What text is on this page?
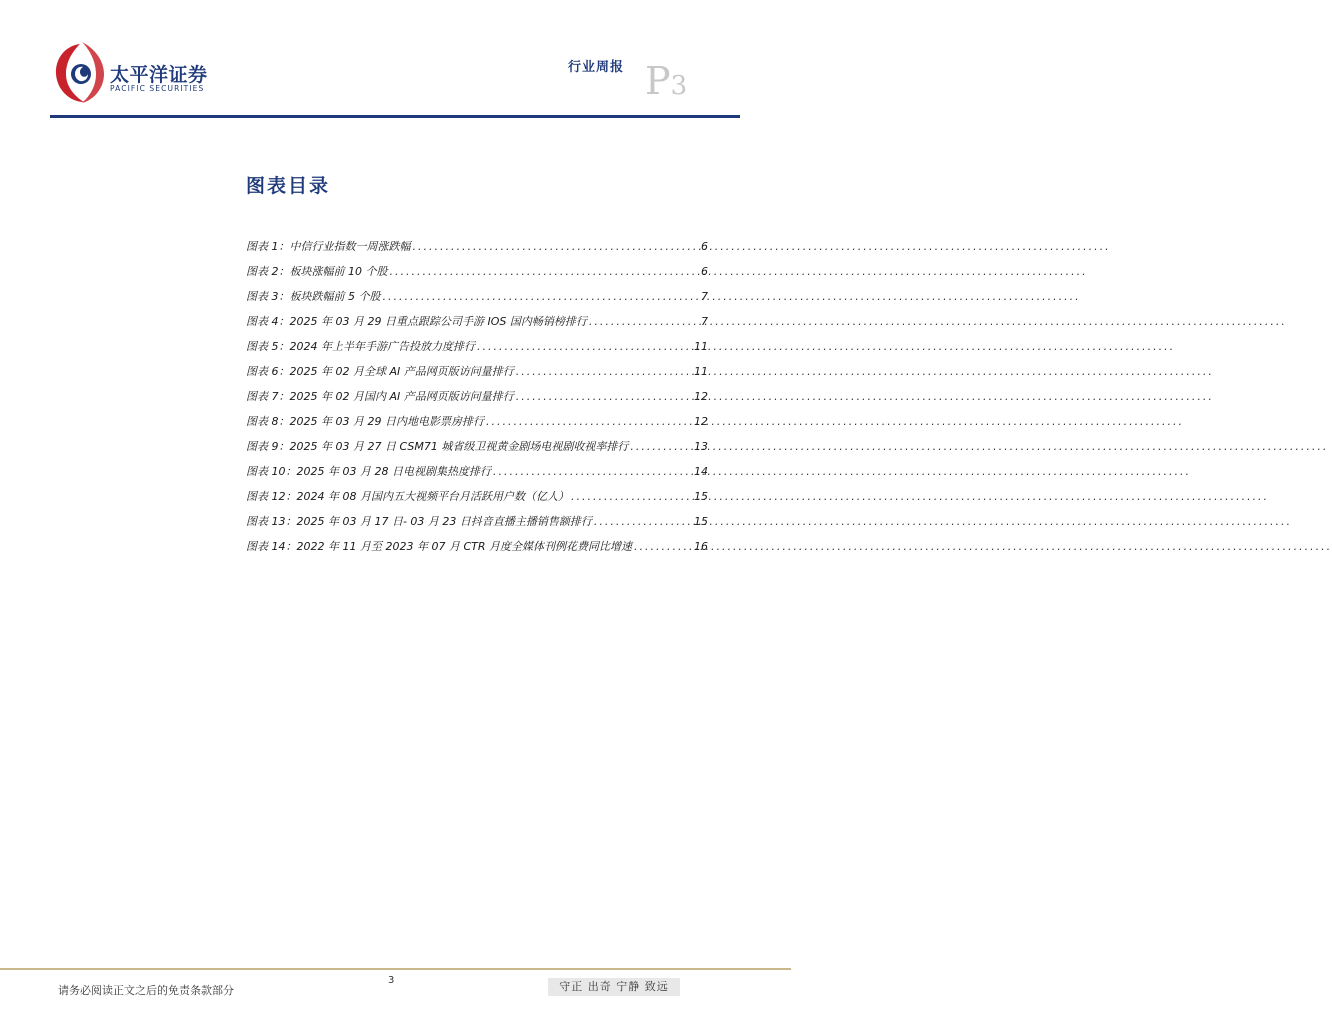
太平洋证券
PACIFIC SECURITIES
行业周报 P3
图表目录
图表 1：中信行业指数一周涨跌幅 .....	6
图表 2：板块涨幅前 10 个股 .....	6
图表 3：板块跌幅前 5 个股 .....	7
图表 4：2025 年 03 月 29 日重点跟踪公司手游 IOS 国内畅销榜排行 .....	7
图表 5：2024 年上半年手游广告投放力度排行 .....	11
图表 6：2025 年 02 月全球 AI 产品网页版访问量排行 .....	11
图表 7：2025 年 02 月国内 AI 产品网页版访问量排行 .....	12
图表 8：2025 年 03 月 29 日内地电影票房排行 .....	12
图表 9：2025 年 03 月 27 日 CSM71 城省级卫视黄金剧场电视剧收视率排行 .....	13
图表 10：2025 年 03 月 28 日电视剧集热度排行 .....	14
图表 12：2024 年 08 月国内五大视频平台月活跃用户数（亿人） .....	15
图表 13：2025 年 03 月 17 日- 03 月 23 日抖音直播主播销售额排行 .....	15
图表 14：2022 年 11 月至 2023 年 07 月 CTR 月度全媒体刊例花费同比增速 .....	16
3
请务必阅读正文之后的免责条款部分	守正 出奇 宁静 致远
